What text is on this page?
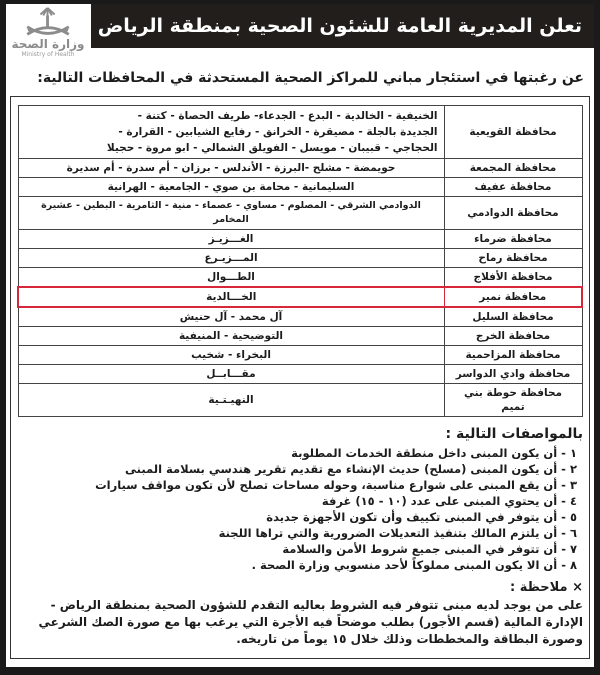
تعلن المديرية العامة للشئون الصحية بمنطقة الرياض
وزارة الصحة
Ministry of Health
عن رغبتها في استئجار مباني للمراكز الصحية المستحدثة في المحافظات التالية:
محافظة القويعية	الخنيفية - الخالدية - البدع - الجدعاء- طريف الحصاة - كتنة -
الجديدة بالجلة - مصيقرة - الخرانق - رفايع الشيابين - القرارة -
الحجاجي - قبيبان - مويسل - الفويلق الشمالي - ابو مروة - حجيلا

محافظة المجمعة	حويمضة - مشلح -البرزة - الأندلس - برزان - أم سدرة - أم سديرة
محافظة عفيف	السليمانية - محامة بن صوي - الجامعية - الهرانية
محافظة الدوادمي	الدوادمي الشرقي - المصلوم - مساوي - عصماء - منية - الثامرية - البطين - عشيرة المخامر
محافظة ضرماء	الغـــزيـز
محافظة رماح	المـــزيـرع
محافظة الأفلاج	الطـــوال
محافظة نمير	الخـــالدية
محافظة السليل	آل محمد - آل حنيش
محافظة الخرج	التوضيحية - المنيفية
محافظة المزاحمية	البخراء - شخيب
محافظة وادي الدواسر	مقـــابــل
محافظة حوطة بني تميم	النهيـتـية
بالمواصفات التالية :
١ - أن يكون المبنى داخل منطقة الخدمات المطلوبة
٢ - أن يكون المبنى (مسلح) حديث الإنشاء مع تقديم تقرير هندسي بسلامة المبنى
٣ - أن يقع المبنى على شوارع مناسبة، وحوله مساحات تصلح لأن تكون مواقف سيارات
٤ - أن يحتوي المبنى على عدد (١٠ - ١٥) غرفة
٥ - أن يتوفر في المبنى تكييف وأن تكون الأجهزة جديدة
٦ - أن يلتزم المالك بتنفيذ التعديلات الضرورية والتي تراها اللجنة
٧ - أن تتوفر في المبنى جميع شروط الأمن والسلامة
٨ - أن الا يكون المبنى مملوكاً لأحد منسوبي وزارة الصحة .
× ملاحظة :
على من يوجد لديه مبنى تتوفر فيه الشروط بعاليه التقدم للشؤون الصحية بمنطقة الرياض - الإدارة المالية (قسم الأجور) بطلب موضحاً فيه الأجرة التي يرغب بها مع صورة الصك الشرعي وصورة البطاقة والمخططات وذلك خلال ١٥ يوماً من تاريخه.
